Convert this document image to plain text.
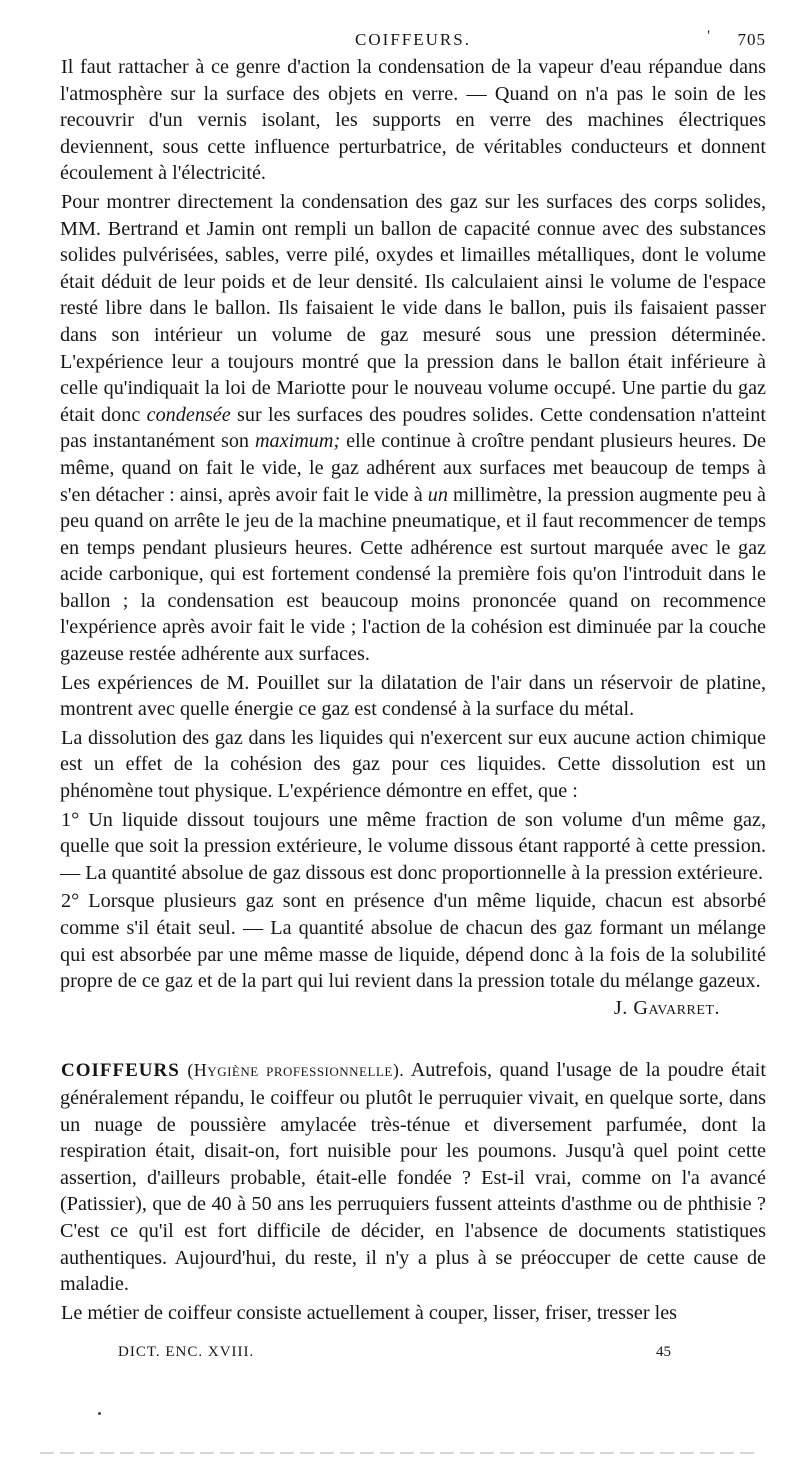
COIFFEURS.	' 705

Il faut rattacher à ce genre d'action la condensation de la vapeur d'eau répandue dans l'atmosphère sur la surface des objets en verre. — Quand on n'a pas le soin de les recouvrir d'un vernis isolant, les supports en verre des machines électriques deviennent, sous cette influence perturbatrice, de véritables conducteurs et donnent écoulement à l'électricité.

Pour montrer directement la condensation des gaz sur les surfaces des corps solides, MM. Bertrand et Jamin ont rempli un ballon de capacité connue avec des substances solides pulvérisées, sables, verre pilé, oxydes et limailles métalliques, dont le volume était déduit de leur poids et de leur densité. Ils calculaient ainsi le volume de l'espace resté libre dans le ballon. Ils faisaient le vide dans le ballon, puis ils faisaient passer dans son intérieur un volume de gaz mesuré sous une pression déterminée. L'expérience leur a toujours montré que la pression dans le ballon était inférieure à celle qu'indiquait la loi de Mariotte pour le nouveau volume occupé. Une partie du gaz était donc condensée sur les surfaces des poudres solides. Cette condensation n'atteint pas instantanément son maximum; elle continue à croître pendant plusieurs heures. De même, quand on fait le vide, le gaz adhérent aux surfaces met beaucoup de temps à s'en détacher : ainsi, après avoir fait le vide à un millimètre, la pression augmente peu à peu quand on arrête le jeu de la machine pneumatique, et il faut recommencer de temps en temps pendant plusieurs heures. Cette adhérence est surtout marquée avec le gaz acide carbonique, qui est fortement condensé la première fois qu'on l'introduit dans le ballon ; la condensation est beaucoup moins prononcée quand on recommence l'expérience après avoir fait le vide ; l'action de la cohésion est diminuée par la couche gazeuse restée adhérente aux surfaces.

Les expériences de M. Pouillet sur la dilatation de l'air dans un réservoir de platine, montrent avec quelle énergie ce gaz est condensé à la surface du métal.

La dissolution des gaz dans les liquides qui n'exercent sur eux aucune action chimique est un effet de la cohésion des gaz pour ces liquides. Cette dissolution est un phénomène tout physique. L'expérience démontre en effet, que :

1° Un liquide dissout toujours une même fraction de son volume d'un même gaz, quelle que soit la pression extérieure, le volume dissous étant rapporté à cette pression. — La quantité absolue de gaz dissous est donc proportionnelle à la pression extérieure.

2° Lorsque plusieurs gaz sont en présence d'un même liquide, chacun est absorbé comme s'il était seul. — La quantité absolue de chacun des gaz formant un mélange qui est absorbée par une même masse de liquide, dépend donc à la fois de la solubilité propre de ce gaz et de la part qui lui revient dans la pression totale du mélange gazeux.

J. Gavarret.

COIFFEURS (Hygiène professionnelle). Autrefois, quand l'usage de la poudre était généralement répandu, le coiffeur ou plutôt le perruquier vivait, en quelque sorte, dans un nuage de poussière amylacée très-ténue et diversement parfumée, dont la respiration était, disait-on, fort nuisible pour les poumons. Jusqu'à quel point cette assertion, d'ailleurs probable, était-elle fondée ? Est-il vrai, comme on l'a avancé (Patissier), que de 40 à 50 ans les perruquiers fussent atteints d'asthme ou de phthisie ? C'est ce qu'il est fort difficile de décider, en l'absence de documents statistiques authentiques. Aujourd'hui, du reste, il n'y a plus à se préoccuper de cette cause de maladie.

Le métier de coiffeur consiste actuellement à couper, lisser, friser, tresser les

DICT. ENC. XVIII.	45
